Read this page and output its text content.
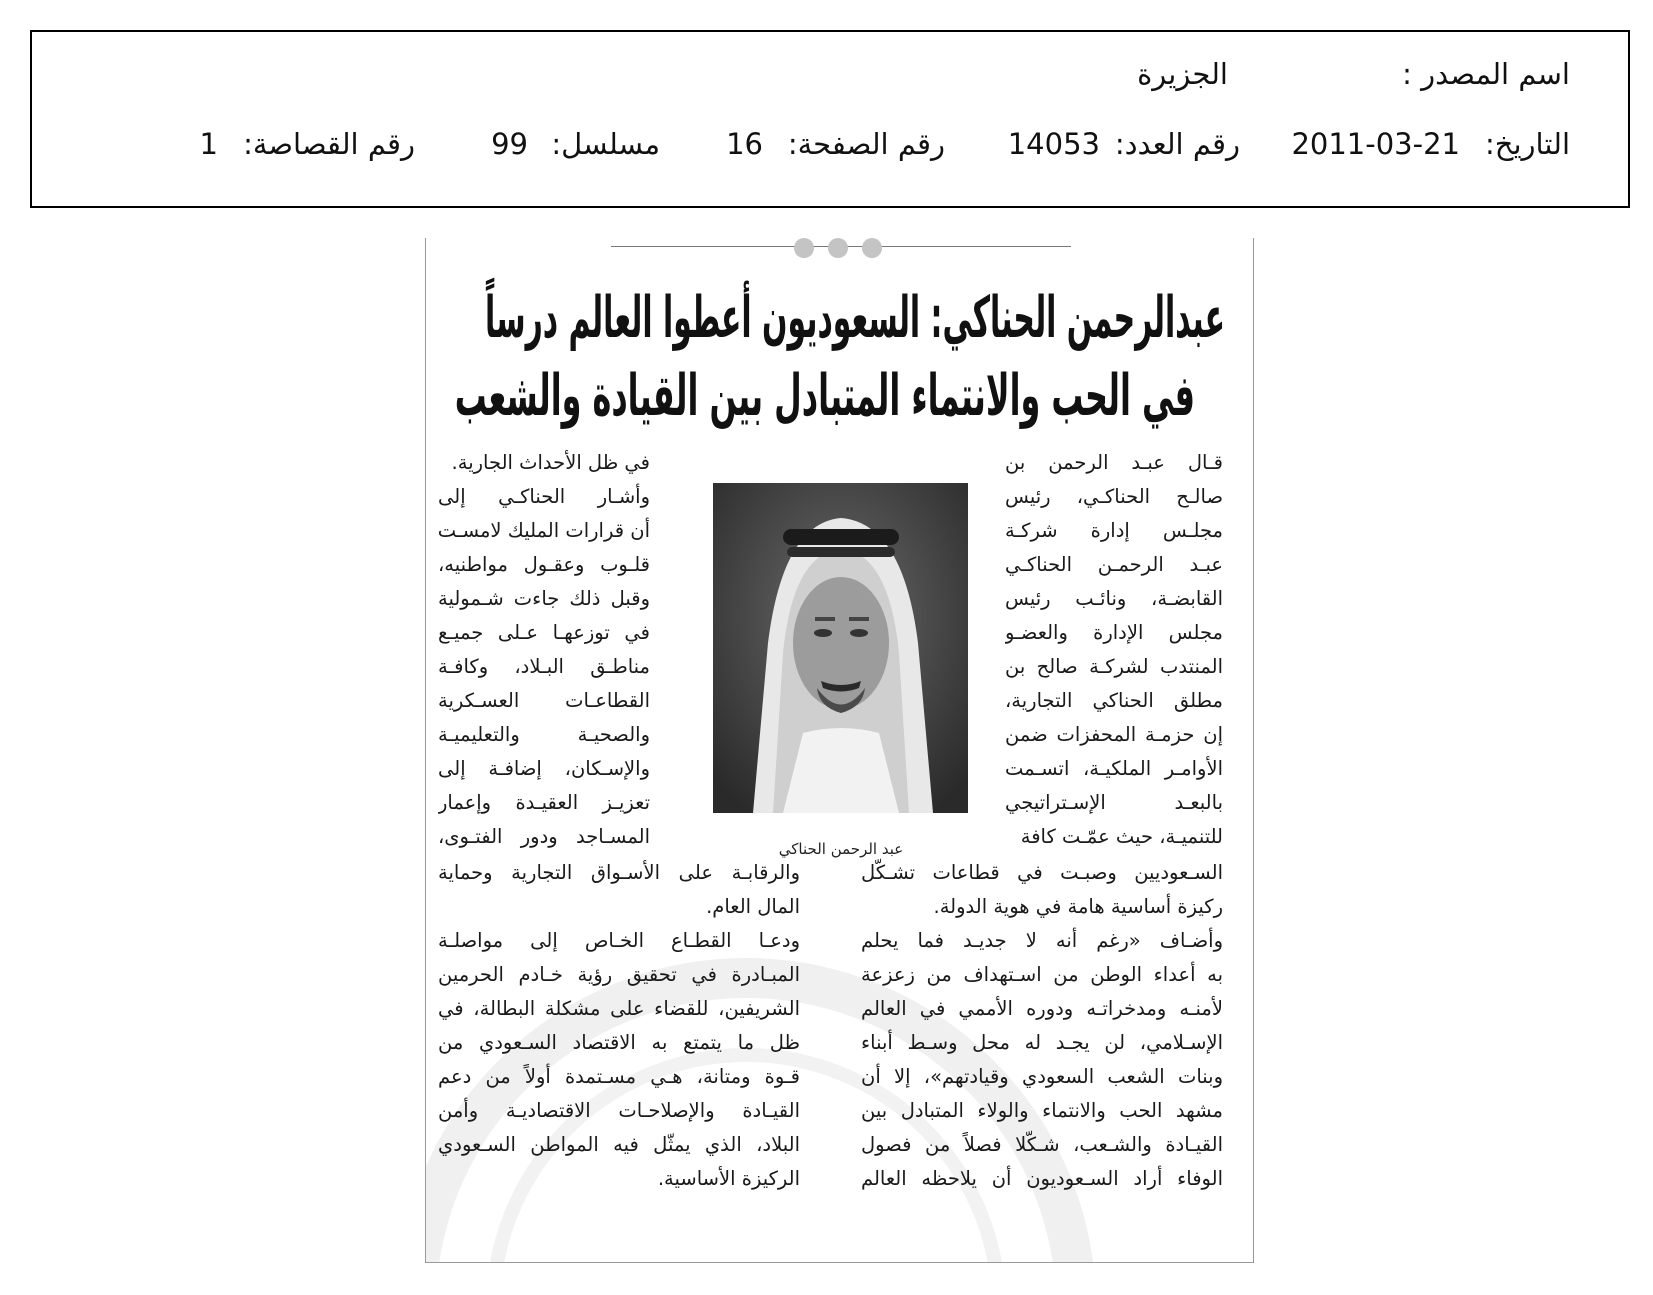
اسم المصدر :
الجزيرة
التاريخ:
2011-03-21
رقم العدد:
14053
رقم الصفحة:
16
مسلسل:
99
رقم القصاصة:
1
عبدالرحمن الحناكي: السعوديون أعطوا العالم درساً
في الحب والانتماء المتبادل بين القيادة والشعب
عبد الرحمن الحناكي
قـال عبـد الرحمن بن
صالـح الحناكـي، رئيس
مجلـس إدارة شركـة
عبـد الرحمـن الحناكـي
القابضـة، ونائـب رئيس
مجلس الإدارة والعضـو
المنتدب لشركـة صالح بن
مطلق الحناكي التجارية،
إن حزمـة المحفزات ضمن
الأوامـر الملكيـة، اتسـمت
بالبعـد الإسـتراتيجي
للتنميـة، حيث عمّـت كافة
في ظل الأحداث الجارية.
وأشـار الحناكـي إلى
أن قرارات المليك لامسـت
قلـوب وعقـول مواطنيه،
وقبل ذلك جاءت شـمولية
في توزعهـا عـلى جميـع
مناطـق البـلاد، وكافـة
القطاعـات العسـكرية
والصحيـة والتعليميـة
والإسـكان، إضافـة إلى
تعزيـز العقيـدة وإعمار
المسـاجد ودور الفتـوى،
السـعوديين وصبـت في قطاعات تشـكّل
ركيزة أساسية هامة في هوية الدولة.
وأضـاف «رغم أنه لا جديـد فما يحلم
به أعداء الوطن من اسـتهداف من زعزعة
لأمنـه ومدخراتـه ودوره الأممي في العالم
الإسـلامي، لن يجـد له محل وسـط أبناء
وبنات الشعب السعودي وقيادتهم»، إلا أن
مشهد الحب والانتماء والولاء المتبادل بين
القيـادة والشـعب، شـكّلا فصلاً من فصول
الوفاء أراد السـعوديون أن يلاحظه العالم
والرقابـة على الأسـواق التجارية وحماية
المال العام.
ودعـا القطـاع الخـاص إلى مواصلـة
المبـادرة في تحقيق رؤية خـادم الحرمين
الشريفين، للقضاء على مشكلة البطالة، في
ظل ما يتمتع به الاقتصاد السـعودي من
قـوة ومتانة، هـي مسـتمدة أولاً من دعم
القيـادة والإصلاحـات الاقتصاديـة وأمن
البلاد، الذي يمثّل فيه المواطن السـعودي
الركيزة الأساسية.
